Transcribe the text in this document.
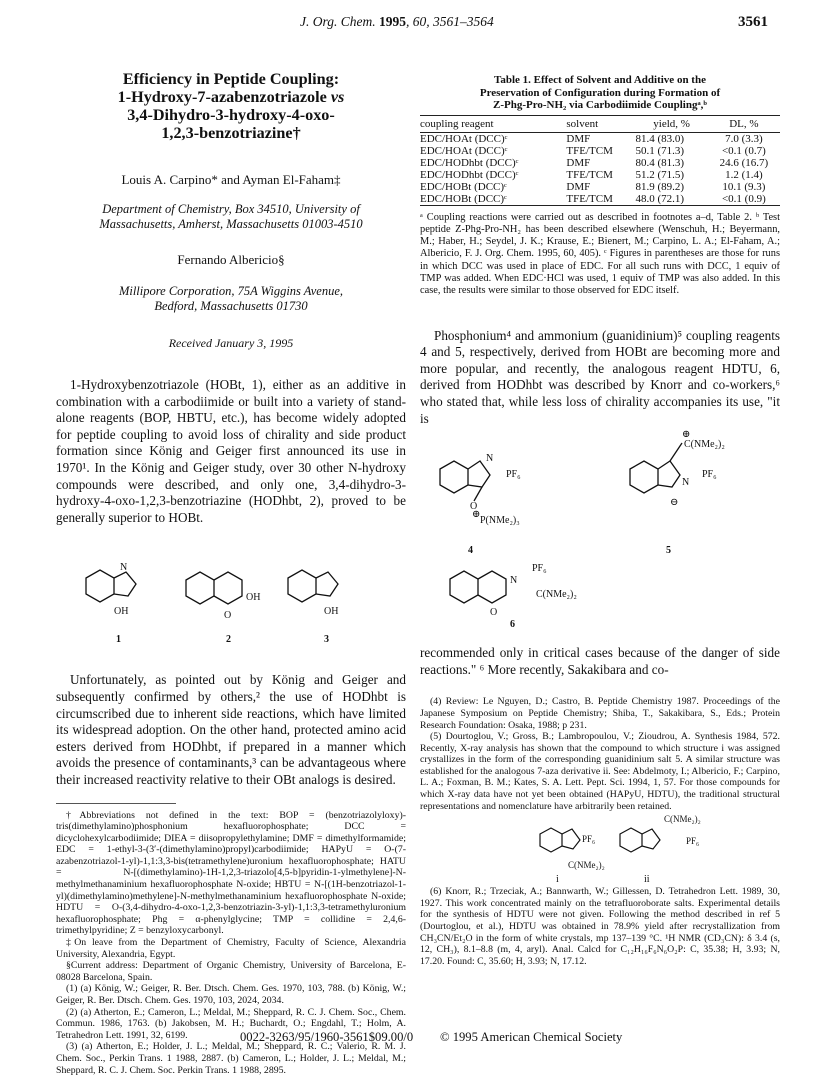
J. Org. Chem. 1995, 60, 3561–3564	3561
Efficiency in Peptide Coupling:
1-Hydroxy-7-azabenzotriazole vs
3,4-Dihydro-3-hydroxy-4-oxo-
1,2,3-benzotriazine†
Louis A. Carpino* and Ayman El-Faham‡
Department of Chemistry, Box 34510, University of
Massachusetts, Amherst, Massachusetts 01003-4510
Fernando Albericio§
Millipore Corporation, 75A Wiggins Avenue,
Bedford, Massachusetts 01730
Received January 3, 1995

1-Hydroxybenzotriazole (HOBt, 1), either as an additive in combination with a carbodiimide or built into a variety of stand-alone reagents (BOP, HBTU, etc.), has become widely adopted for peptide coupling to avoid loss of chirality and side product formation since König and Geiger first announced its use in 1970¹. In the König and Geiger study, over 30 other N-hydroxy compounds were described, and only one, 3,4-dihydro-3-hydroxy-4-oxo-1,2,3-benzotriazine (HODhbt, 2), proved to be generally superior to HOBt.

N
OH
OH
O	OH
1	2	3

Unfortunately, as pointed out by König and Geiger and subsequently confirmed by others,² the use of HODhbt is circumscribed due to inherent side reactions, which have limited its widespread adoption. On the other hand, protected amino acid esters derived from HODhbt, if prepared in a manner which avoids the presence of contaminants,³ can be advantageous where their increased reactivity relative to their OBt analogs is desired.

†Abbreviations not defined in the text: BOP = (benzotriazolyloxy)-tris(dimethylamino)phosphonium hexafluorophosphate; DCC = dicyclohexylcarbodiimide; DIEA = diisopropylethylamine; DMF = dimethylformamide; EDC = 1-ethyl-3-(3′-(dimethylamino)propyl)carbodiimide; HAPyU = O-(7-azabenzotriazol-1-yl)-1,1:3,3-bis(tetramethylene)uronium hexafluorophosphate; HATU = N-[(dimethylamino)-1H-1,2,3-triazolo[4,5-b]pyridin-1-ylmethylene]-N-methylmethanaminium hexafluorophosphate N-oxide; HBTU = N-[(1H-benzotriazol-1-yl)(dimethylamino)methylene]-N-methylmethanaminium hexafluorophosphate N-oxide; HDTU = O-(3,4-dihydro-4-oxo-1,2,3-benzotriazin-3-yl)-1,1:3,3-tetramethyluronium hexafluorophosphate; Phg = α-phenylglycine; TMP = collidine = 2,4,6-trimethylpyridine; Z = benzyloxycarbonyl.

‡On leave from the Department of Chemistry, Faculty of Science, Alexandria University, Alexandria, Egypt.

§Current address: Department of Organic Chemistry, University of Barcelona, E-08028 Barcelona, Spain.

(1) (a) König, W.; Geiger, R. Ber. Dtsch. Chem. Ges. 1970, 103, 788. (b) König, W.; Geiger, R. Ber. Dtsch. Chem. Ges. 1970, 103, 2024, 2034.

(2) (a) Atherton, E.; Cameron, L.; Meldal, M.; Sheppard, R. C. J. Chem. Soc., Chem. Commun. 1986, 1763. (b) Jakobsen, M. H.; Buchardt, O.; Engdahl, T.; Holm, A. Tetrahedron Lett. 1991, 32, 6199.

(3) (a) Atherton, E.; Holder, J. L.; Meldal, M.; Sheppard, R. C.; Valerio, R. M. J. Chem. Soc., Perkin Trans. 1 1988, 2887. (b) Cameron, L.; Holder, J. L.; Meldal, M.; Sheppard, R. C. J. Chem. Soc. Perkin Trans. 1 1988, 2895.

Table 1. Effect of Solvent and Additive on the
Preservation of Configuration during Formation of
Z-Phg-Pro-NH₂ via Carbodiimide Couplingᵃ,ᵇ
coupling reagent	solvent	yield, %	DL, %
EDC/HOAt (DCC)ᶜ	DMF	81.4 (83.0)	7.0 (3.3)
EDC/HOAt (DCC)ᶜ	TFE/TCM	50.1 (71.3)	<0.1 (0.7)
EDC/HODhbt (DCC)ᶜ	DMF	80.4 (81.3)	24.6 (16.7)
EDC/HODhbt (DCC)ᶜ	TFE/TCM	51.2 (71.5)	1.2 (1.4)
EDC/HOBt (DCC)ᶜ	DMF	81.9 (89.2)	10.1 (9.3)
EDC/HOBt (DCC)ᶜ	TFE/TCM	48.0 (72.1)	<0.1 (0.9)
ᵃ Coupling reactions were carried out as described in footnotes a–d, Table 2. ᵇ Test peptide Z-Phg-Pro-NH₂ has been described elsewhere (Wenschuh, H.; Beyermann, M.; Haber, H.; Seydel, J. K.; Krause, E.; Bienert, M.; Carpino, L. A.; El-Faham, A.; Albericio, F. J. Org. Chem. 1995, 60, 405). ᶜ Figures in parentheses are those for runs in which DCC was used in place of EDC. For all such runs with DCC, 1 equiv of TMP was added. When EDC·HCl was used, 1 equiv of TMP was also added. In this case, the results were similar to those observed for EDC itself.

Phosphonium⁴ and ammonium (guanidinium)⁵ coupling reagents 4 and 5, respectively, derived from HOBt are becoming more and more popular, and recently, the analogous reagent HDTU, 6, derived from HODhbt was described by Knorr and co-workers,⁶ who stated that, while less loss of chirality accompanies its use, "it is

N
PF₆
O
P(NMe₂)₃
⊕
4
⊕
C(NMe₂)₂
N
PF₆
⊖
5
N
PF₆
C(NMe₂)₂
O
6

recommended only in critical cases because of the danger of side reactions." ⁶ More recently, Sakakibara and co-

(4) Review: Le Nguyen, D.; Castro, B. Peptide Chemistry 1987. Proceedings of the Japanese Symposium on Peptide Chemistry; Shiba, T., Sakakibara, S., Eds.; Protein Research Foundation: Osaka, 1988; p 231.

(5) Dourtoglou, V.; Gross, B.; Lambropoulou, V.; Zioudrou, A. Synthesis 1984, 572. Recently, X-ray analysis has shown that the compound to which structure i was assigned crystallizes in the form of the corresponding guanidinium salt 5. A similar structure was established for the analogous 7-aza derivative ii. See: Abdelmoty, I.; Albericio, F.; Carpino, L. A.; Foxman, B. M.; Kates, S. A. Lett. Pept. Sci. 1994, 1, 57. For those compounds for which X-ray data have not yet been obtained (HAPyU, HDTU), the traditional structural representations and nomenclature have arbitrarily been retained.

PF₆
C(NMe₂)₂
C(NMe₂)₂
PF₆
i	ii

(6) Knorr, R.; Trzeciak, A.; Bannwarth, W.; Gillessen, D. Tetrahedron Lett. 1989, 30, 1927. This work concentrated mainly on the tetrafluoroborate salts. Experimental details for the synthesis of HDTU were not given. Following the method described in ref 5 (Dourtoglou, et al.), HDTU was obtained in 78.9% yield after recrystallization from CH₃CN/Et₂O in the form of white crystals, mp 137–139 °C. ¹H NMR (CD₃CN): δ 3.4 (s, 12, CH₃), 8.1–8.8 (m, 4, aryl). Anal. Calcd for C₁₂H₁₆F₆N₆O₂P: C, 35.38; H, 3.93; N, 17.20. Found: C, 35.60; H, 3.93; N, 17.12.

0022-3263/95/1960-3561$09.00/0 © 1995 American Chemical Society
